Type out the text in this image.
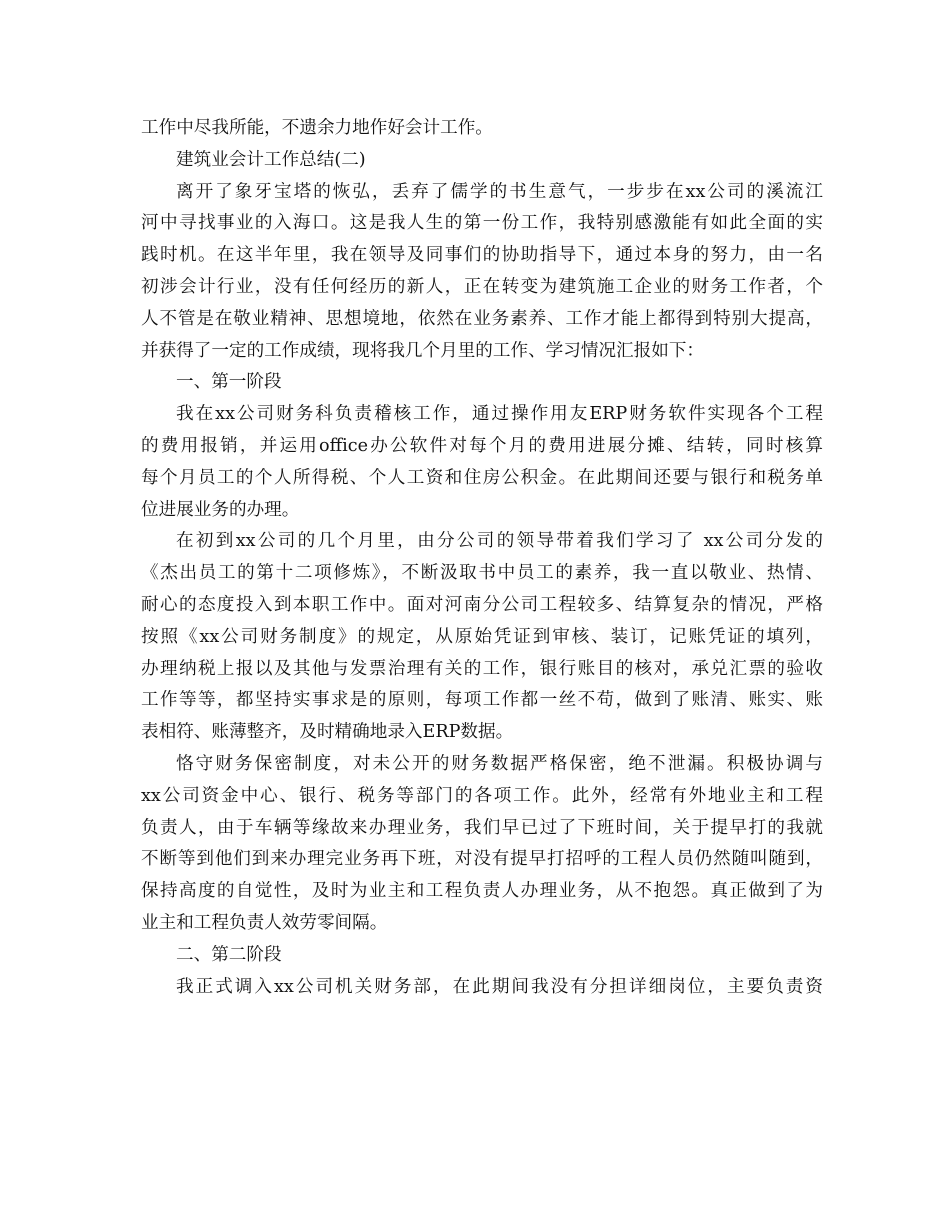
工作中尽我所能，不遗余力地作好会计工作。
建筑业会计工作总结(二)
离开了象牙宝塔的恢弘，丢弃了儒学的书生意气，一步步在xx公司的溪流江
河中寻找事业的入海口。这是我人生的第一份工作，我特别感激能有如此全面的实
践时机。在这半年里，我在领导及同事们的协助指导下，通过本身的努力，由一名
初涉会计行业，没有任何经历的新人，正在转变为建筑施工企业的财务工作者，个
人不管是在敬业精神、思想境地，依然在业务素养、工作才能上都得到特别大提高，
并获得了一定的工作成绩，现将我几个月里的工作、学习情况汇报如下：
一、第一阶段
我在xx公司财务科负责稽核工作，通过操作用友ERP财务软件实现各个工程
的费用报销，并运用office办公软件对每个月的费用进展分摊、结转，同时核算
每个月员工的个人所得税、个人工资和住房公积金。在此期间还要与银行和税务单
位进展业务的办理。
在初到xx公司的几个月里，由分公司的领导带着我们学习了 xx公司分发的
《杰出员工的第十二项修炼》，不断汲取书中员工的素养，我一直以敬业、热情、
耐心的态度投入到本职工作中。面对河南分公司工程较多、结算复杂的情况，严格
按照《xx公司财务制度》的规定，从原始凭证到审核、装订，记账凭证的填列，
办理纳税上报以及其他与发票治理有关的工作，银行账目的核对，承兑汇票的验收
工作等等，都坚持实事求是的原则，每项工作都一丝不苟，做到了账清、账实、账
表相符、账薄整齐，及时精确地录入ERP数据。
恪守财务保密制度，对未公开的财务数据严格保密，绝不泄漏。积极协调与
xx公司资金中心、银行、税务等部门的各项工作。此外，经常有外地业主和工程
负责人，由于车辆等缘故来办理业务，我们早已过了下班时间，关于提早打的我就
不断等到他们到来办理完业务再下班，对没有提早打招呼的工程人员仍然随叫随到，
保持高度的自觉性，及时为业主和工程负责人办理业务，从不抱怨。真正做到了为
业主和工程负责人效劳零间隔。
二、第二阶段
我正式调入xx公司机关财务部，在此期间我没有分担详细岗位，主要负责资
